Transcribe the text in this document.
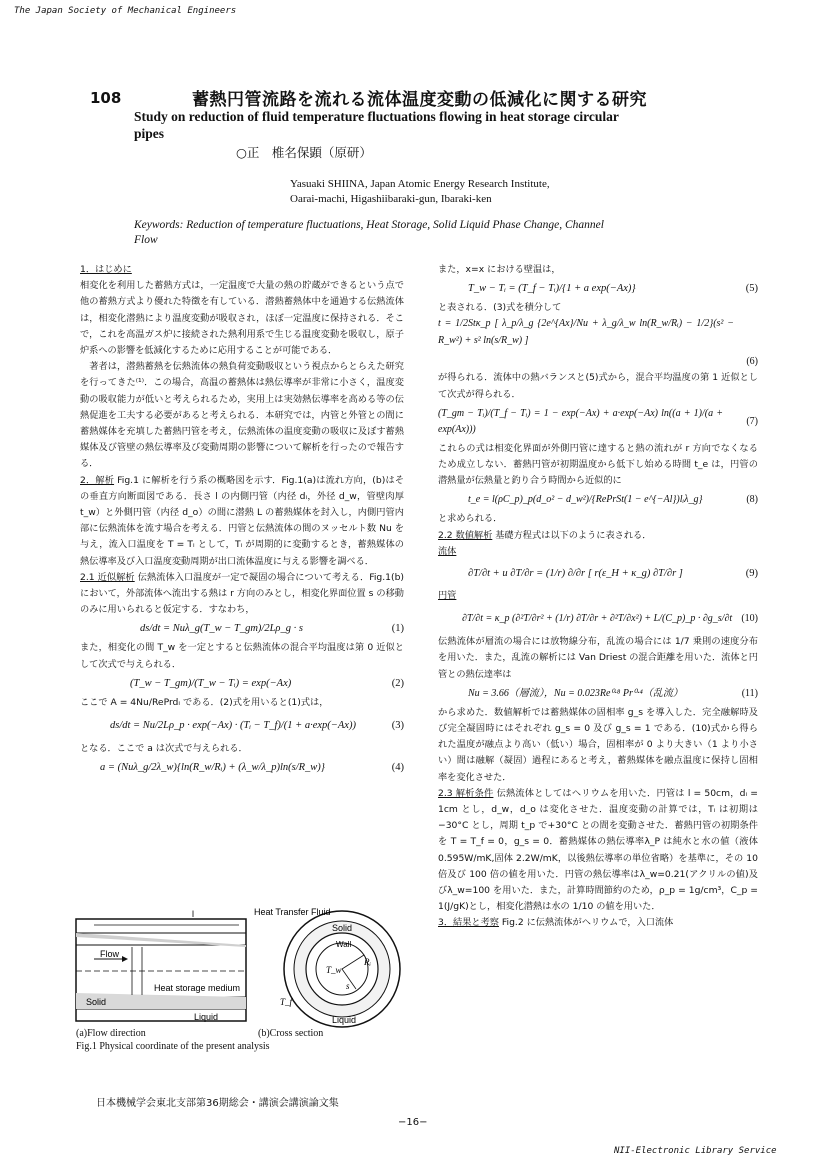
The Japan Society of Mechanical Engineers
108	蓄熱円管流路を流れる流体温度変動の低減化に関する研究
Study on reduction of fluid temperature fluctuations flowing in heat storage circular
pipes
○正　椎名保顕（原研）
Yasuaki SHIINA, Japan Atomic Energy Research Institute,
Oarai-machi, Higashiibaraki-gun, Ibaraki-ken
Keywords: Reduction of temperature fluctuations, Heat Storage, Solid Liquid Phase Change, Channel
Flow

1．はじめに

相変化を利用した蓄熱方式は，一定温度で大量の熱の貯蔵ができるという点で他の蓄熱方式より優れた特徴を有している．潜熱蓄熱体中を通過する伝熱流体は，相変化潜熱により温度変動が吸収され，ほぼ一定温度に保持される．そこで，これを高温ガス炉に接続された熱利用系で生じる温度変動を吸収し，原子炉系への影響を低減化するために応用することが可能である．

著者は，潜熱蓄熱を伝熱流体の熱負荷変動吸収という視点からとらえた研究を行ってきた⁽¹⁾．この場合，高温の蓄熱体は熱伝導率が非常に小さく，温度変動の吸収能力が低いと考えられるため，実用上は実効熱伝導率を高める等の伝熱促進を工夫する必要があると考えられる．本研究では，内管と外管との間に蓄熱媒体を充填した蓄熱円管を考え，伝熱流体の温度変動の吸収に及ぼす蓄熱媒体及び管壁の熱伝導率及び変動周期の影響について解析を行ったので報告する．

2．解析 Fig.1 に解析を行う系の概略図を示す．Fig.1(a)は流れ方向，(b)はその垂直方向断面図である．長さ l の内側円管（内径 dᵢ，外径 d_w，管壁肉厚 t_w）と外側円管（内径 d_o）の間に潜熱 L の蓄熱媒体を封入し，内側円管内部に伝熱流体を流す場合を考える．円管と伝熱流体の間のヌッセルト数 Nu を与え，流入口温度を T = Tᵢ として，Tᵢ が周期的に変動するとき，蓄熱媒体の熱伝導率及び入口温度変動周期が出口流体温度に与える影響を調べる．

2.1 近似解析 伝熱流体入口温度が一定で凝固の場合について考える．Fig.1(b)において，外部流体へ流出する熱は r 方向のみとし，相変化界面位置 s の移動のみに用いられると仮定する．すなわち，

ds/dt = Nuλ_g(T_w − T_gm)/2Lρ_g · s	(1)

また，相変化の間 T_w を一定とすると伝熱流体の混合平均温度は第 0 近似として次式で与えられる．

(T_w − T_gm)/(T_w − Tᵢ) = exp(−Ax)	(2)

ここで A = 4Nu/RePrdᵢ である．(2)式を用いると(1)式は，

ds/dt = Nu/2Lρ_p · exp(−Ax) · (Tᵢ − T_f)/(1 + a·exp(−Ax))	(3)

となる．ここで a は次式で与えられる．

a = (Nuλ_g/2λ_w){ln(R_w/Rᵢ) + (λ_w/λ_p)ln(s/R_w)}	(4)
l
Flow
Heat storage medium
Solid
Liquid
Heat Transfer Fluid
Solid
Wall
Rᵢ
T_w
s
T_f
Liquid
(a)Flow direction	(b)Cross section
Fig.1 Physical coordinate of the present analysis

また，x=x における壁温は，

T_w − Tᵢ = (T_f − Tᵢ)/{1 + a exp(−Ax)}	(5)

と表される．(3)式を積分して

t = 1/2Stκ_p [ λ_p/λ_g {2e^{Ax}/Nu + λ_g/λ_w ln(R_w/Rᵢ) − 1/2}(s² − R_w²) + s² ln(s/R_w) ]
(6)

が得られる．流体中の熱バランスと(5)式から，混合平均温度の第 1 近似として次式が得られる．

(T_gm − Tᵢ)/(T_f − Tᵢ) = 1 − exp(−Ax) + a·exp(−Ax) ln((a + 1)/(a + exp(Ax)))
(7)

これらの式は相変化界面が外側円管に達すると熱の流れが r 方向でなくなるため成立しない．蓄熱円管が初期温度から低下し始める時間 t_e は，円管の潜熱量が伝熱量と釣り合う時間から近似的に

t_e = l(ρC_p)_p(d_o² − d_w²)/{RePrSt(1 − e^{−Al})lᵢλ_g}	(8)

と求められる．

2.2 数値解析 基礎方程式は以下のように表される．

流体

∂T/∂t + u ∂T/∂r = (1/r) ∂/∂r [ r(ε_H + κ_g) ∂T/∂r ]	(9)

円管

∂T/∂t = κ_p (∂²T/∂r² + (1/r) ∂T/∂r + ∂²T/∂x²) + L/(C_p)_p · ∂g_s/∂t (10)

伝熱流体が層流の場合には放物線分布，乱流の場合には 1/7 乗則の速度分布を用いた．また，乱流の解析には Van Driest の混合距離を用いた．流体と円管との熱伝達率は

Nu = 3.66（層流），Nu = 0.023Re⁰·⁸ Pr⁰·⁴（乱流）	(11)

から求めた．数値解析では蓄熱媒体の固相率 g_s を導入した．完全融解時及び完全凝固時にはそれぞれ g_s = 0 及び g_s = 1 である．(10)式から得られた温度が融点より高い（低い）場合，固相率が 0 より大きい（1 より小さい）間は融解（凝固）過程にあると考え，蓄熱媒体を融点温度に保持し固相率を変化させた．

2.3 解析条件 伝熱流体としてはヘリウムを用いた．円管は l = 50cm，dᵢ = 1cm とし，d_w，d_o は変化させた．温度変動の計算では，Tᵢ は初期は −30°C とし，周期 t_p で+30°C との間を変動させた．蓄熱円管の初期条件を T = T_f = 0，g_s = 0．蓄熱媒体の熱伝導率λ_P は純水と水の値（液体 0.595W/mK,固体 2.2W/mK，以後熱伝導率の単位省略）を基準に，その 10 倍及び 100 倍の値を用いた．円管の熱伝導率はλ_w=0.21(アクリルの値)及びλ_w=100 を用いた．また，計算時間節約のため，ρ_p = 1g/cm³，C_p = 1(J/gK)とし，相変化潜熱は水の 1/10 の値を用いた．

3．結果と考察 Fig.2 に伝熱流体がヘリウムで，入口流体

日本機械学会東北支部第36期総会・講演会講演論文集
−16−
NII-Electronic Library Service
